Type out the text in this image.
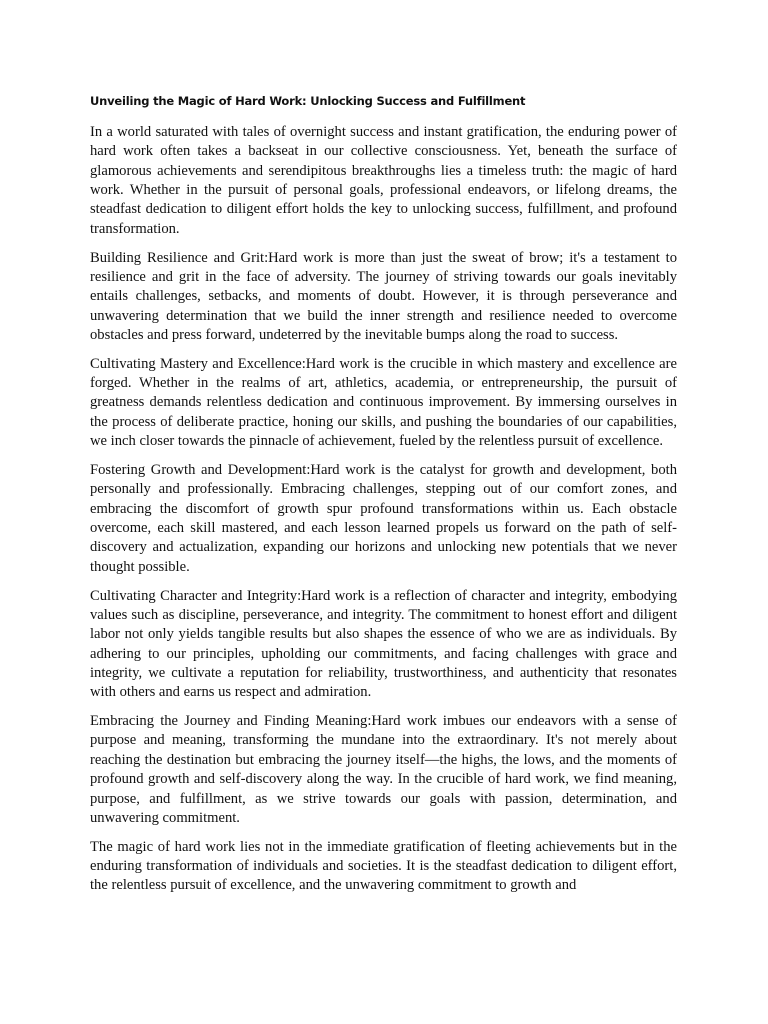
Unveiling the Magic of Hard Work: Unlocking Success and Fulfillment

In a world saturated with tales of overnight success and instant gratification, the enduring power of hard work often takes a backseat in our collective consciousness. Yet, beneath the surface of glamorous achievements and serendipitous breakthroughs lies a timeless truth: the magic of hard work. Whether in the pursuit of personal goals, professional endeavors, or lifelong dreams, the steadfast dedication to diligent effort holds the key to unlocking success, fulfillment, and profound transformation.

Building Resilience and Grit:Hard work is more than just the sweat of brow; it's a testament to resilience and grit in the face of adversity. The journey of striving towards our goals inevitably entails challenges, setbacks, and moments of doubt. However, it is through perseverance and unwavering determination that we build the inner strength and resilience needed to overcome obstacles and press forward, undeterred by the inevitable bumps along the road to success.

Cultivating Mastery and Excellence:Hard work is the crucible in which mastery and excellence are forged. Whether in the realms of art, athletics, academia, or entrepreneurship, the pursuit of greatness demands relentless dedication and continuous improvement. By immersing ourselves in the process of deliberate practice, honing our skills, and pushing the boundaries of our capabilities, we inch closer towards the pinnacle of achievement, fueled by the relentless pursuit of excellence.

Fostering Growth and Development:Hard work is the catalyst for growth and development, both personally and professionally. Embracing challenges, stepping out of our comfort zones, and embracing the discomfort of growth spur profound transformations within us. Each obstacle overcome, each skill mastered, and each lesson learned propels us forward on the path of self-discovery and actualization, expanding our horizons and unlocking new potentials that we never thought possible.

Cultivating Character and Integrity:Hard work is a reflection of character and integrity, embodying values such as discipline, perseverance, and integrity. The commitment to honest effort and diligent labor not only yields tangible results but also shapes the essence of who we are as individuals. By adhering to our principles, upholding our commitments, and facing challenges with grace and integrity, we cultivate a reputation for reliability, trustworthiness, and authenticity that resonates with others and earns us respect and admiration.

Embracing the Journey and Finding Meaning:Hard work imbues our endeavors with a sense of purpose and meaning, transforming the mundane into the extraordinary. It's not merely about reaching the destination but embracing the journey itself—the highs, the lows, and the moments of profound growth and self-discovery along the way. In the crucible of hard work, we find meaning, purpose, and fulfillment, as we strive towards our goals with passion, determination, and unwavering commitment.

The magic of hard work lies not in the immediate gratification of fleeting achievements but in the enduring transformation of individuals and societies. It is the steadfast dedication to diligent effort, the relentless pursuit of excellence, and the unwavering commitment to growth and
